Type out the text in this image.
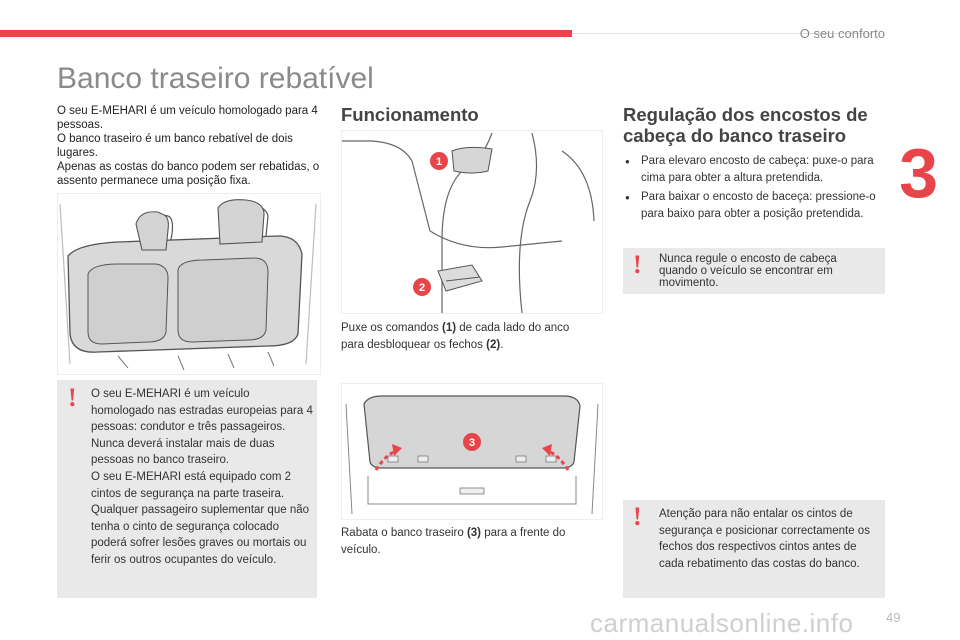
O seu conforto
3
Banco traseiro rebatível

O seu E-MEHARI é um veículo homologado para 4 pessoas.

O banco traseiro é um banco rebatível de dois lugares.

Apenas as costas do banco podem ser rebatidas, o assento permanece uma posição fixa.

! O seu E-MEHARI é um veículo homologado nas estradas europeias para 4 pessoas: condutor e três passageiros.
Nunca deverá instalar mais de duas pessoas no banco traseiro.
O seu E-MEHARI está equipado com 2 cintos de segurança na parte traseira.
Qualquer passageiro suplementar que não tenha o cinto de segurança colocado poderá sofrer lesões graves ou mortais ou ferir os outros ocupantes do veículo.
Funcionamento
1
2
Puxe os comandos (1) de cada lado do anco para desbloquear os fechos (2).
3
Rabata o banco traseiro (3) para a frente do veículo.
Regulação dos encostos de cabeça do banco traseiro
● Para elevaro encosto de cabeça: puxe-o para cima para obter a altura pretendida.
● Para baixar o encosto de baceça: pressione-o para baixo para obter a posição pretendida.
! Nunca regule o encosto de cabeça quando o veículo se encontrar em movimento.
! Atenção para não entalar os cintos de segurança e posicionar correctamente os fechos dos respectivos cintos antes de cada rebatimento das costas do banco.
carmanualsonline.info	49
